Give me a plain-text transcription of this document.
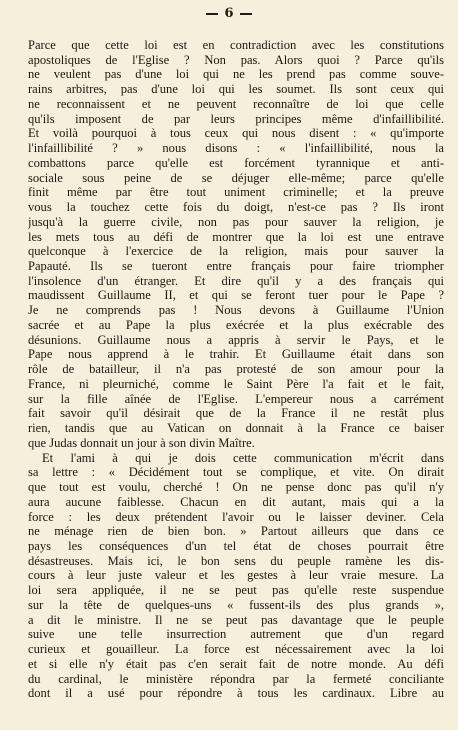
6

Parce que cette loi est en contradiction avec les constitutions
apostoliques de l'Eglise ? Non pas. Alors quoi ? Parce qu'ils
ne veulent pas d'une loi qui ne les prend pas comme souve-
rains arbitres, pas d'une loi qui les soumet. Ils sont ceux qui
ne reconnaissent et ne peuvent reconnaître de loi que celle
qu'ils imposent de par leurs principes même d'infaillibilité.
Et voilà pourquoi à tous ceux qui nous disent : « qu'importe
l'infaillibilité ? » nous disons : « l'infaillibilité, nous la
combattons parce qu'elle est forcément tyrannique et anti-
sociale sous peine de se déjuger elle-même; parce qu'elle
finit même par être tout uniment criminelle; et la preuve
vous la touchez cette fois du doigt, n'est-ce pas ? Ils iront
jusqu'à la guerre civile, non pas pour sauver la religion, je
les mets tous au défi de montrer que la loi est une entrave
quelconque à l'exercice de la religion, mais pour sauver la
Papauté. Ils se tueront entre français pour faire triompher
l'insolence d'un étranger. Et dire qu'il y a des français qui
maudissent Guillaume II, et qui se feront tuer pour le Pape ?
Je ne comprends pas ! Nous devons à Guillaume l'Union
sacrée et au Pape la plus exécrée et la plus exécrable des
désunions. Guillaume nous a appris à servir le Pays, et le
Pape nous apprend à le trahir. Et Guillaume était dans son
rôle de batailleur, il n'a pas protesté de son amour pour la
France, ni pleurniché, comme le Saint Père l'a fait et le fait,
sur la fille aînée de l'Eglise. L'empereur nous a carrément
fait savoir qu'il désirait que de la France il ne restât plus
rien, tandis que au Vatican on donnait à la France ce baiser
que Judas donnait un jour à son divin Maître.

Et l'ami à qui je dois cette communication m'écrit dans
sa lettre : « Décidément tout se complique, et vite. On dirait
que tout est voulu, cherché ! On ne pense donc pas qu'il n'y
aura aucune faiblesse. Chacun en dit autant, mais qui a la
force : les deux prétendent l'avoir ou le laisser deviner. Cela
ne ménage rien de bien bon. » Partout ailleurs que dans ce
pays les conséquences d'un tel état de choses pourrait être
désastreuses. Mais ici, le bon sens du peuple ramène les dis-
cours à leur juste valeur et les gestes à leur vraie mesure. La
loi sera appliquée, il ne se peut pas qu'elle reste suspendue
sur la tête de quelques-uns « fussent-ils des plus grands »,
a dit le ministre. Il ne se peut pas davantage que le peuple
suive une telle insurrection autrement que d'un regard
curieux et gouailleur. La force est nécessairement avec la loi
et si elle n'y était pas c'en serait fait de notre monde. Au défi
du cardinal, le ministère répondra par la fermeté conciliante
dont il a usé pour répondre à tous les cardinaux. Libre au
